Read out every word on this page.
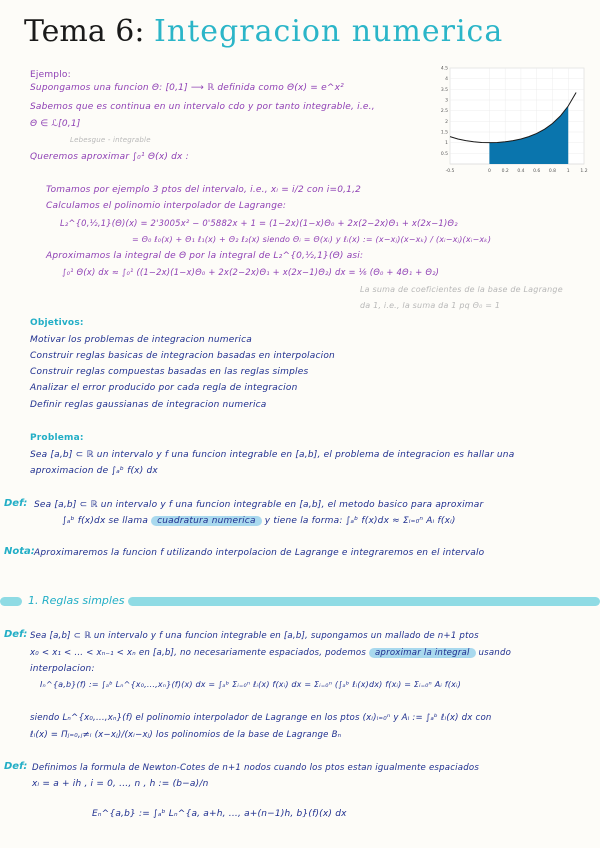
Tema 6: Integracion numerica
-0.5	0 0.2 0.4 0.6 0.8 1 1.2
0.5
1
1.5
2
2.5
3
3.5
4
4.5
Ejemplo:
Supongamos una funcion Θ: [0,1] ⟶ ℝ definida como Θ(x) = e^x²
Sabemos que es continua en un intervalo cdo y por tanto integrable, i.e.,
Θ ∈ ℒ[0,1]
Lebesgue - integrable
Queremos aproximar ∫₀¹ Θ(x) dx :
Tomamos por ejemplo 3 ptos del intervalo, i.e., xᵢ = i/2 con i=0,1,2
Calculamos el polinomio interpolador de Lagrange:
L₂^{0,½,1}(Θ)(x) = 2'3005x² − 0'5882x + 1 = (1−2x)(1−x)Θ₀ + 2x(2−2x)Θ₁ + x(2x−1)Θ₂
= Θ₀ ℓ₀(x) + Θ₁ ℓ₁(x) + Θ₂ ℓ₂(x) siendo Θᵢ = Θ(xᵢ) y ℓᵢ(x) := (x−xⱼ)(x−xₖ) / (xᵢ−xⱼ)(xᵢ−xₖ)
Aproximamos la integral de Θ por la integral de L₂^{0,½,1}(Θ) asi:
∫₀¹ Θ(x) dx ≈ ∫₀¹ ((1−2x)(1−x)Θ₀ + 2x(2−2x)Θ₁ + x(2x−1)Θ₂) dx = ⅙ (Θ₀ + 4Θ₁ + Θ₂)
La suma de coeficientes de la base de Lagrange
da 1, i.e., la suma da 1 pq Θ₀ = 1
Objetivos:
Motivar los problemas de integracion numerica
Construir reglas basicas de integracion basadas en interpolacion
Construir reglas compuestas basadas en las reglas simples
Analizar el error producido por cada regla de integracion
Definir reglas gaussianas de integracion numerica
Problema:
Sea [a,b] ⊂ ℝ un intervalo y f una funcion integrable en [a,b], el problema de integracion es hallar una
aproximacion de ∫ₐᵇ f(x) dx
Def: Sea [a,b] ⊂ ℝ un intervalo y f una funcion integrable en [a,b], el metodo basico para aproximar
∫ₐᵇ f(x)dx se llama cuadratura numerica y tiene la forma: ∫ₐᵇ f(x)dx ≈ Σᵢ₌₀ⁿ Aᵢ f(xᵢ)
Nota: Aproximaremos la funcion f utilizando interpolacion de Lagrange e integraremos en el intervalo
1. Reglas simples
Def: Sea [a,b] ⊂ ℝ un intervalo y f una funcion integrable en [a,b], supongamos un mallado de n+1 ptos
x₀ < x₁ < ... < xₙ₋₁ < xₙ en [a,b], no necesariamente espaciados, podemos aproximar la integral usando
interpolacion:
Iₙ^{a,b}(f) := ∫ₐᵇ Lₙ^{x₀,...,xₙ}(f)(x) dx = ∫ₐᵇ Σᵢ₌₀ⁿ ℓᵢ(x) f(xᵢ) dx = Σᵢ₌₀ⁿ (∫ₐᵇ ℓᵢ(x)dx) f(xᵢ) = Σᵢ₌₀ⁿ Aᵢ f(xᵢ)
siendo Lₙ^{x₀,...,xₙ}(f) el polinomio interpolador de Lagrange en los ptos (xᵢ)ᵢ₌₀ⁿ y Aᵢ := ∫ₐᵇ ℓᵢ(x) dx con
ℓᵢ(x) = Πⱼ₌₀,ⱼ≠ᵢ (x−xⱼ)/(xᵢ−xⱼ) los polinomios de la base de Lagrange Bₙ
Def: Definimos la formula de Newton-Cotes de n+1 nodos cuando los ptos estan igualmente espaciados
xᵢ = a + ih , i = 0, ..., n , h := (b−a)/n
Eₙ^{a,b} := ∫ₐᵇ Lₙ^{a, a+h, ..., a+(n−1)h, b}(f)(x) dx
